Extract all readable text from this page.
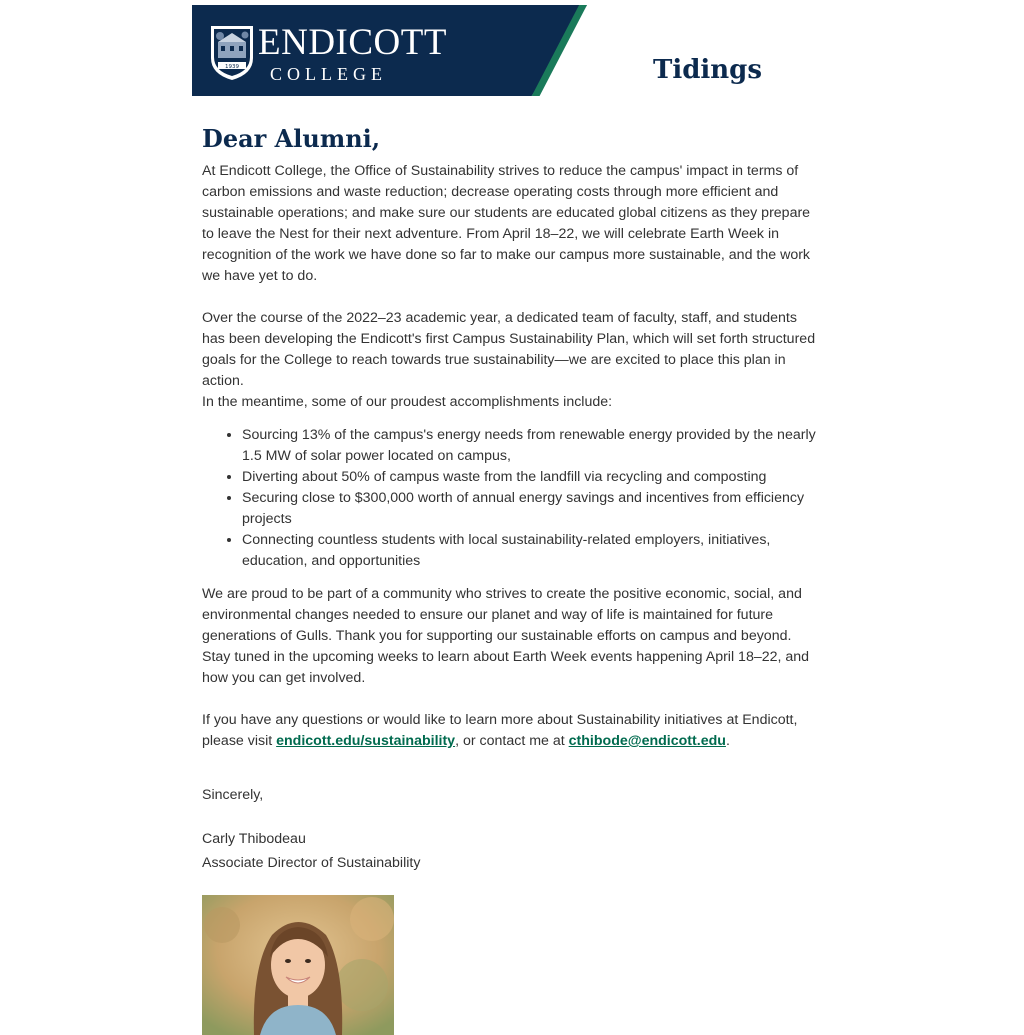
1939
ENDICOTT
COLLEGE	Tidings
Dear Alumni,

At Endicott College, the Office of Sustainability strives to reduce the campus' impact in terms of carbon emissions and waste reduction; decrease operating costs through more efficient and sustainable operations; and make sure our students are educated global citizens as they prepare to leave the Nest for their next adventure. From April 18–22, we will celebrate Earth Week in recognition of the work we have done so far to make our campus more sustainable, and the work we have yet to do.

Over the course of the 2022–23 academic year, a dedicated team of faculty, staff, and students has been developing the Endicott's first Campus Sustainability Plan, which will set forth structured goals for the College to reach towards true sustainability—we are excited to place this plan in action.

In the meantime, some of our proudest accomplishments include:

• Sourcing 13% of the campus's energy needs from renewable energy provided by the nearly 1.5 MW of solar power located on campus,
• Diverting about 50% of campus waste from the landfill via recycling and composting
• Securing close to $300,000 worth of annual energy savings and incentives from efficiency projects
• Connecting countless students with local sustainability-related employers, initiatives, education, and opportunities

We are proud to be part of a community who strives to create the positive economic, social, and environmental changes needed to ensure our planet and way of life is maintained for future generations of Gulls. Thank you for supporting our sustainable efforts on campus and beyond. Stay tuned in the upcoming weeks to learn about Earth Week events happening April 18–22, and how you can get involved.

If you have any questions or would like to learn more about Sustainability initiatives at Endicott, please visit endicott.edu/sustainability, or contact me at cthibode@endicott.edu.

Sincerely,
Carly Thibodeau
Associate Director of Sustainability
